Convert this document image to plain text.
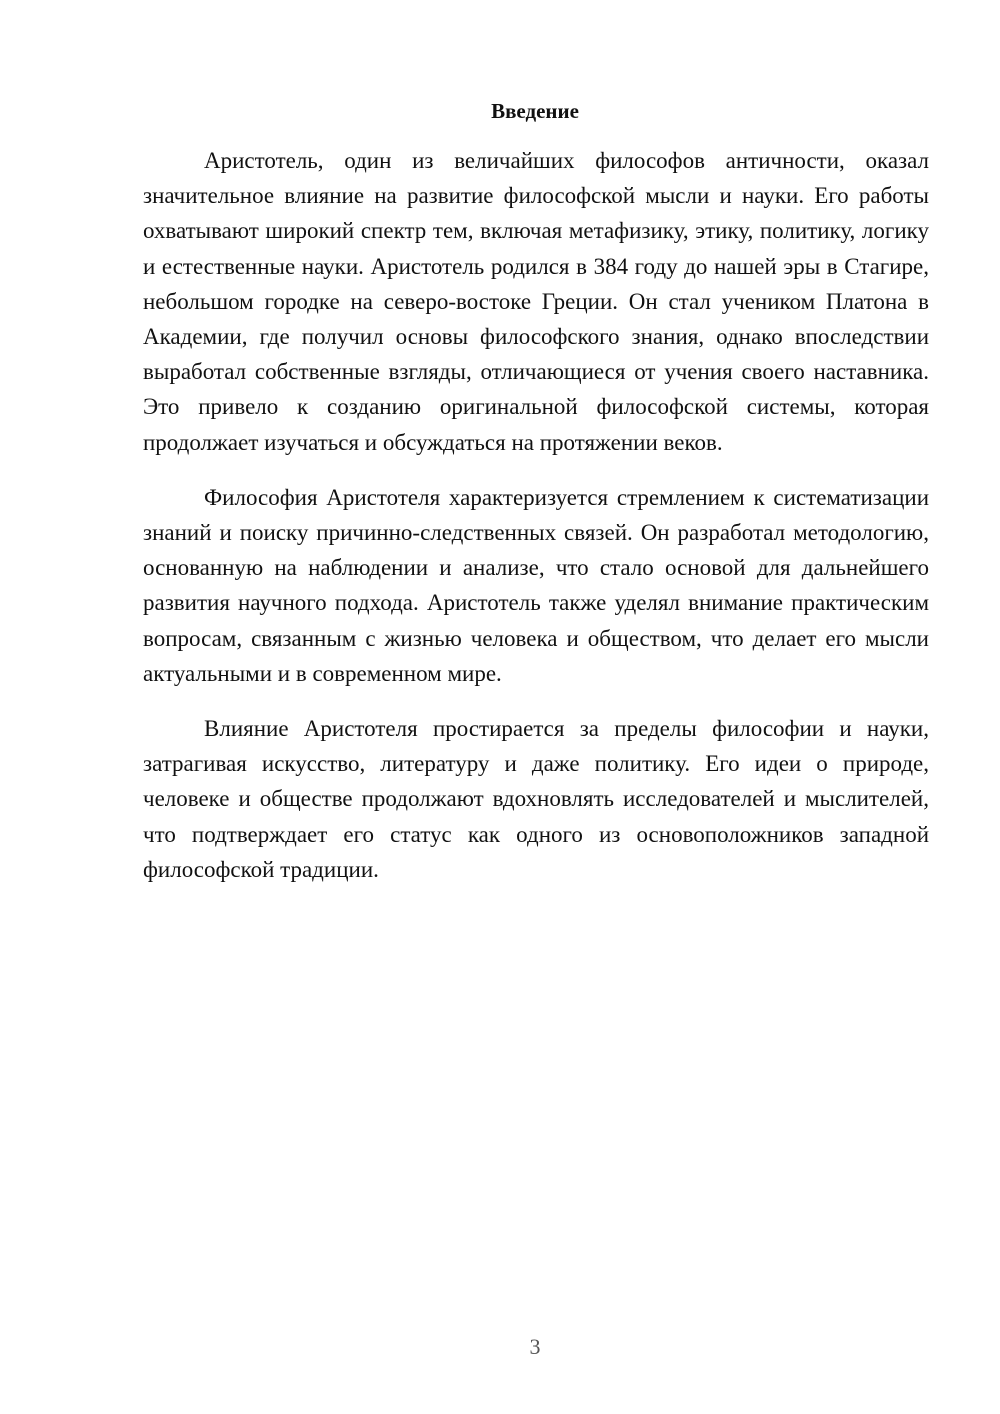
Введение

Аристотель, один из величайших философов античности, оказал значительное влияние на развитие философской мысли и науки. Его работы охватывают широкий спектр тем, включая метафизику, этику, политику, логику и естественные науки. Аристотель родился в 384 году до нашей эры в Стагире, небольшом городке на северо-востоке Греции. Он стал учеником Платона в Академии, где получил основы философского знания, однако впоследствии выработал собственные взгляды, отличающиеся от учения своего наставника. Это привело к созданию оригинальной философской системы, которая продолжает изучаться и обсуждаться на протяжении веков.

Философия Аристотеля характеризуется стремлением к систематизации знаний и поиску причинно-следственных связей. Он разработал методологию, основанную на наблюдении и анализе, что стало основой для дальнейшего развития научного подхода. Аристотель также уделял внимание практическим вопросам, связанным с жизнью человека и обществом, что делает его мысли актуальными и в современном мире.

Влияние Аристотеля простирается за пределы философии и науки, затрагивая искусство, литературу и даже политику. Его идеи о природе, человеке и обществе продолжают вдохновлять исследователей и мыслителей, что подтверждает его статус как одного из основоположников западной философской традиции.

3
